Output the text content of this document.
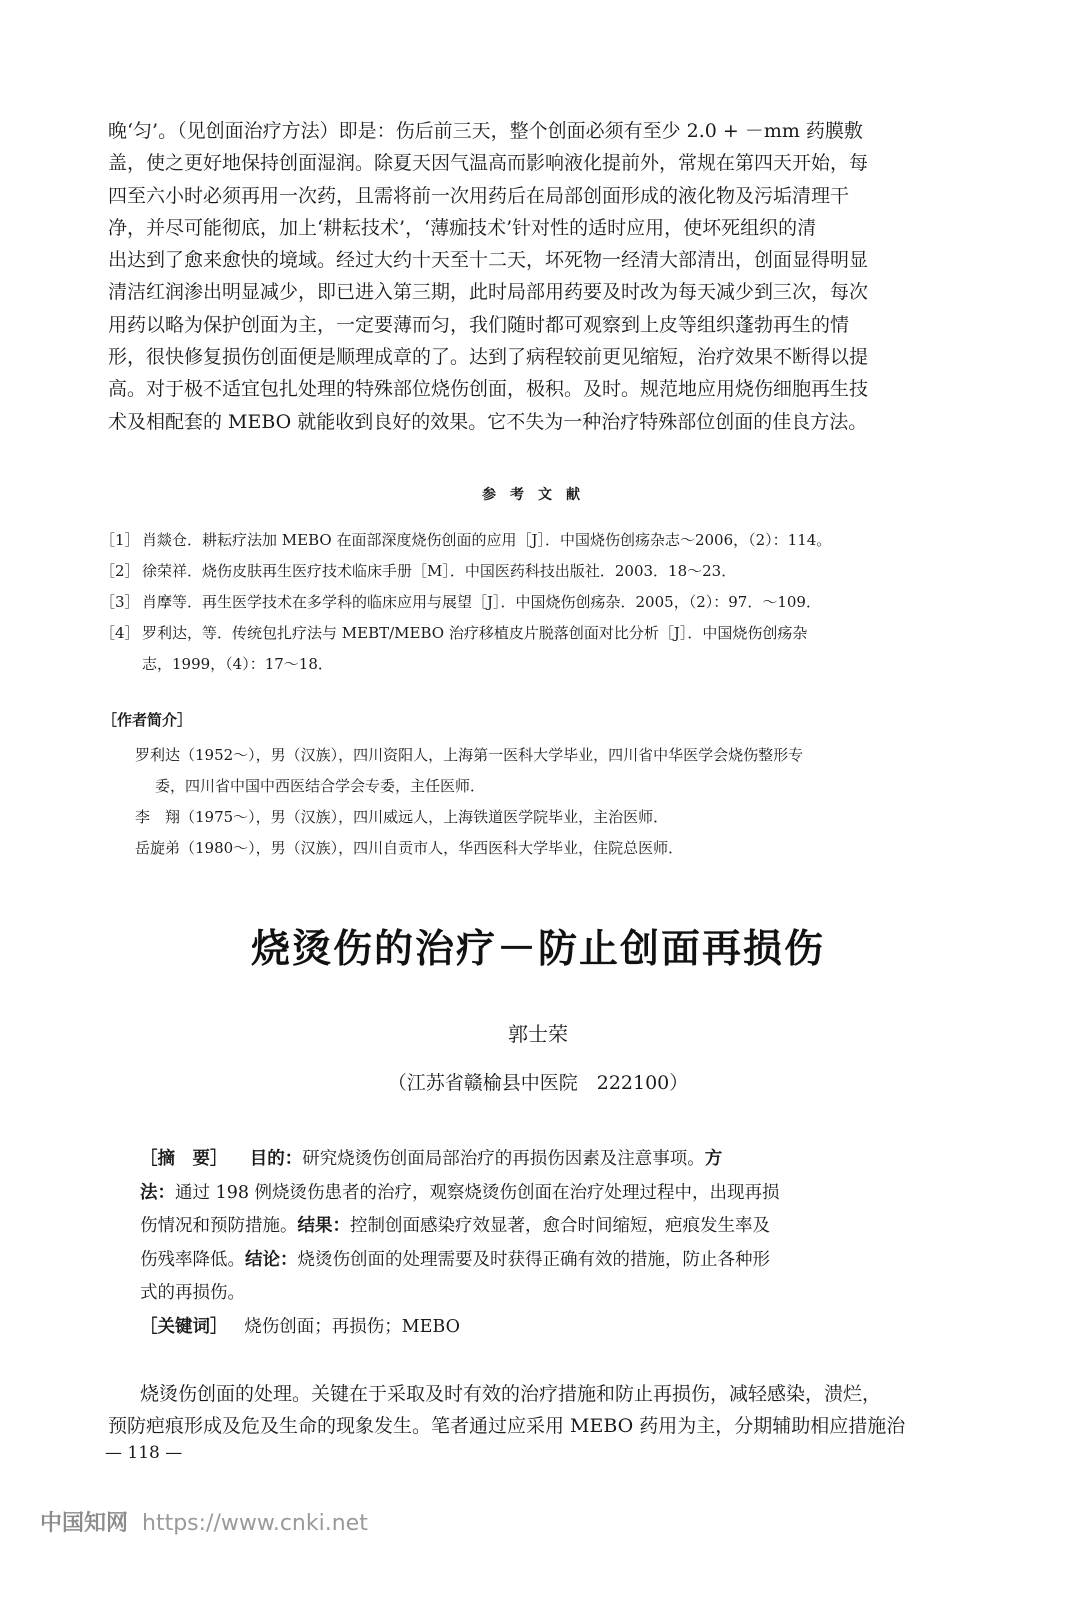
晚‘匀’。（见创面治疗方法）即是：伤后前三天，整个创面必须有至少 2.0 + －mm 药膜敷
盖，使之更好地保持创面湿润。除夏天因气温高而影响液化提前外，常规在第四天开始，每
四至六小时必须再用一次药，且需将前一次用药后在局部创面形成的液化物及污垢清理干
净，并尽可能彻底，加上‘耕耘技术’，‘薄痂技术’针对性的适时应用，使坏死组织的清
出达到了愈来愈快的境域。经过大约十天至十二天，坏死物一经清大部清出，创面显得明显
清洁红润渗出明显减少，即已进入第三期，此时局部用药要及时改为每天减少到三次，每次
用药以略为保护创面为主，一定要薄而匀，我们随时都可观察到上皮等组织蓬勃再生的情
形，很快修复损伤创面便是顺理成章的了。达到了病程较前更见缩短，治疗效果不断得以提
高。对于极不适宜包扎处理的特殊部位烧伤创面，极积。及时。规范地应用烧伤细胞再生技
术及相配套的 MEBO 就能收到良好的效果。它不失为一种治疗特殊部位创面的佳良方法。
参考文献
［1］ 肖燚仓．耕耘疗法加 MEBO 在面部深度烧伤创面的应用［J］．中国烧伤创疡杂志～2006，（2）：114。
［2］ 徐荣祥．烧伤皮肤再生医疗技术临床手册［M］．中国医药科技出版社．2003．18～23．
［3］ 肖摩等．再生医学技术在多学科的临床应用与展望［J］．中国烧伤创疡杂．2005，（2）：97．～109．
［4］ 罗利达，等．传统包扎疗法与 MEBT/MEBO 治疗移植皮片脱落创面对比分析［J］．中国烧伤创疡杂
志，1999，（4）：17～18．
［作者简介］
罗利达（1952～），男（汉族），四川资阳人，上海第一医科大学毕业，四川省中华医学会烧伤整形专
委，四川省中国中西医结合学会专委，主任医师．
李　翔（1975～），男（汉族），四川威远人，上海铁道医学院毕业，主治医师．
岳旋弟（1980～），男（汉族），四川自贡市人，华西医科大学毕业，住院总医师．
烧烫伤的治疗－防止创面再损伤
郭士荣
（江苏省赣榆县中医院　222100）
［摘　要］ 目的：研究烧烫伤创面局部治疗的再损伤因素及注意事项。方
法：通过 198 例烧烫伤患者的治疗，观察烧烫伤创面在治疗处理过程中，出现再损
伤情况和预防措施。结果：控制创面感染疗效显著，愈合时间缩短，疤痕发生率及
伤残率降低。结论：烧烫伤创面的处理需要及时获得正确有效的措施，防止各种形
式的再损伤。
［关键词］ 烧伤创面；再损伤；MEBO
烧烫伤创面的处理。关键在于采取及时有效的治疗措施和防止再损伤，减轻感染，溃烂，
预防疤痕形成及危及生命的现象发生。笔者通过应采用 MEBO 药用为主，分期辅助相应措施治
— 118 —
中国知网 https://www.cnki.net
